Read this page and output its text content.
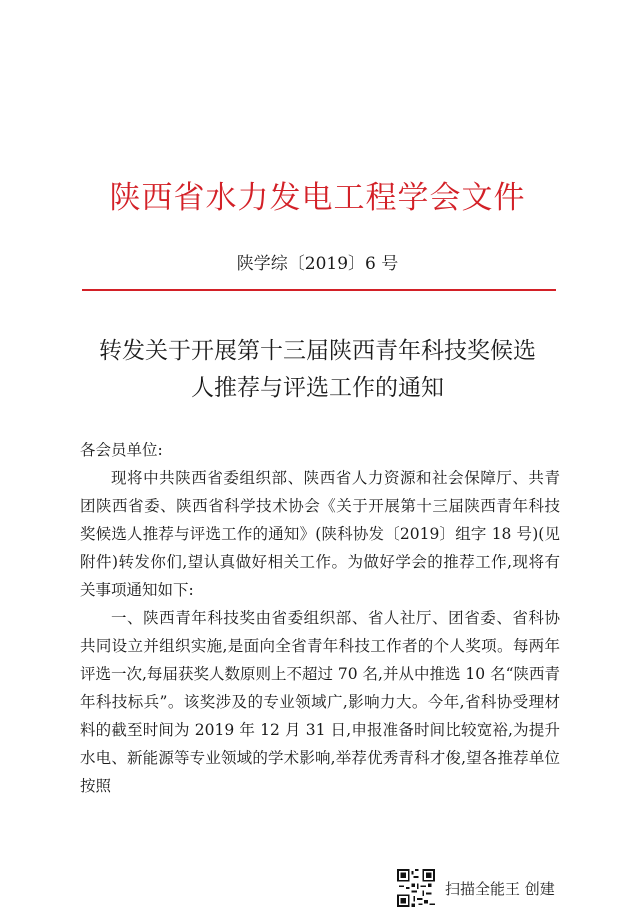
陕西省水力发电工程学会文件
陕学综〔2019〕6 号
转发关于开展第十三届陕西青年科技奖候选
人推荐与评选工作的通知

各会员单位:

现将中共陕西省委组织部、陕西省人力资源和社会保障厅、共青团陕西省委、陕西省科学技术协会《关于开展第十三届陕西青年科技奖候选人推荐与评选工作的通知》(陕科协发〔2019〕组字 18 号)(见附件)转发你们,望认真做好相关工作。为做好学会的推荐工作,现将有关事项通知如下:

一、陕西青年科技奖由省委组织部、省人社厅、团省委、省科协共同设立并组织实施,是面向全省青年科技工作者的个人奖项。每两年评选一次,每届获奖人数原则上不超过 70 名,并从中推选 10 名“陕西青年科技标兵”。该奖涉及的专业领域广,影响力大。今年,省科协受理材料的截至时间为 2019 年 12 月 31 日,申报准备时间比较宽裕,为提升水电、新能源等专业领域的学术影响,举荐优秀青科才俊,望各推荐单位按照

扫描全能王 创建
